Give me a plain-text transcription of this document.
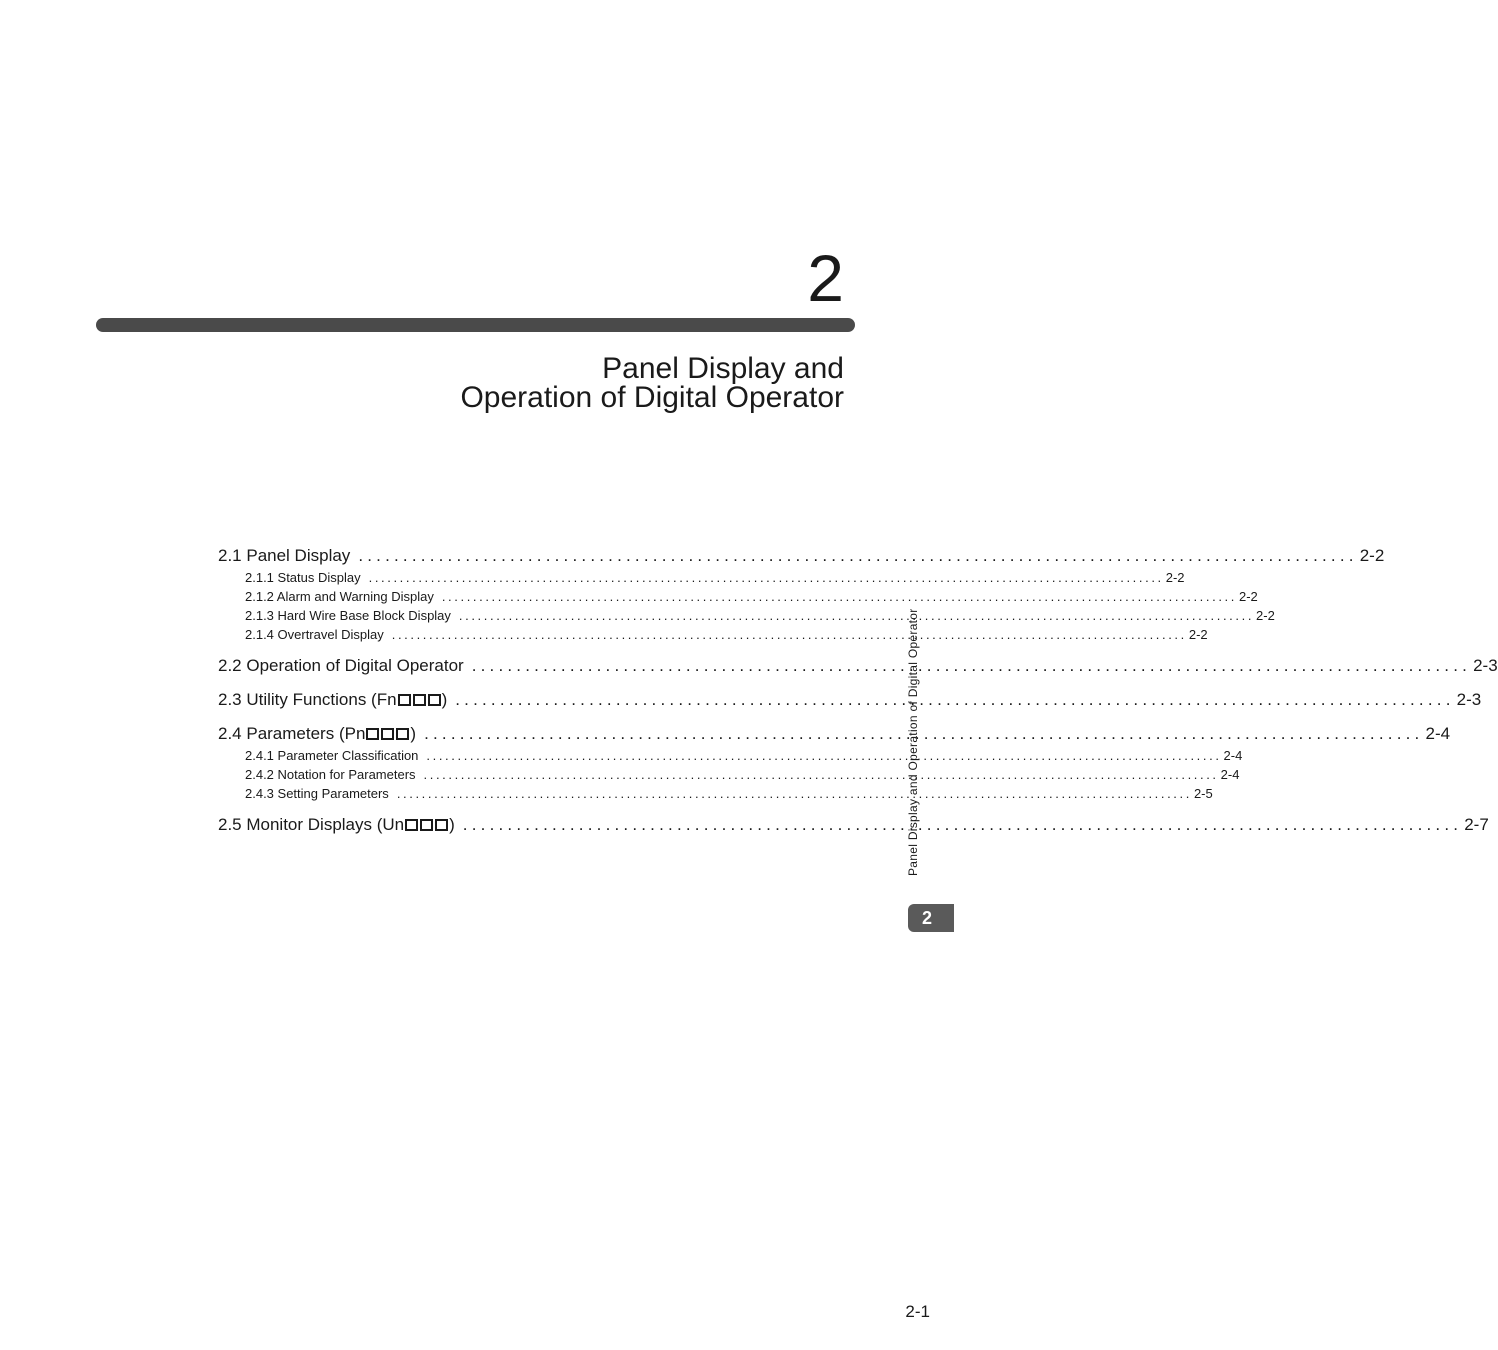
2
Panel Display and
Operation of Digital Operator
2.1 Panel Display ................................................................................................................ 2-2
2.1.1 Status Display ................................................................................................................................ 2-2
2.1.2 Alarm and Warning Display ................................................................................................................................ 2-2
2.1.3 Hard Wire Base Block Display ................................................................................................................................ 2-2
2.1.4 Overtravel Display ................................................................................................................................ 2-2
2.2 Operation of Digital Operator ................................................................................................................ 2-3
2.3 Utility Functions (Fn	) ................................................................................................................ 2-3
2.4 Parameters (Pn	) ................................................................................................................ 2-4
2.4.1 Parameter Classification ................................................................................................................................ 2-4
2.4.2 Notation for Parameters ................................................................................................................................ 2-4
2.4.3 Setting Parameters ................................................................................................................................ 2-5
2.5 Monitor Displays (Un	) ................................................................................................................ 2-7
Panel Display and Operation of Digital Operator
2
2-1
